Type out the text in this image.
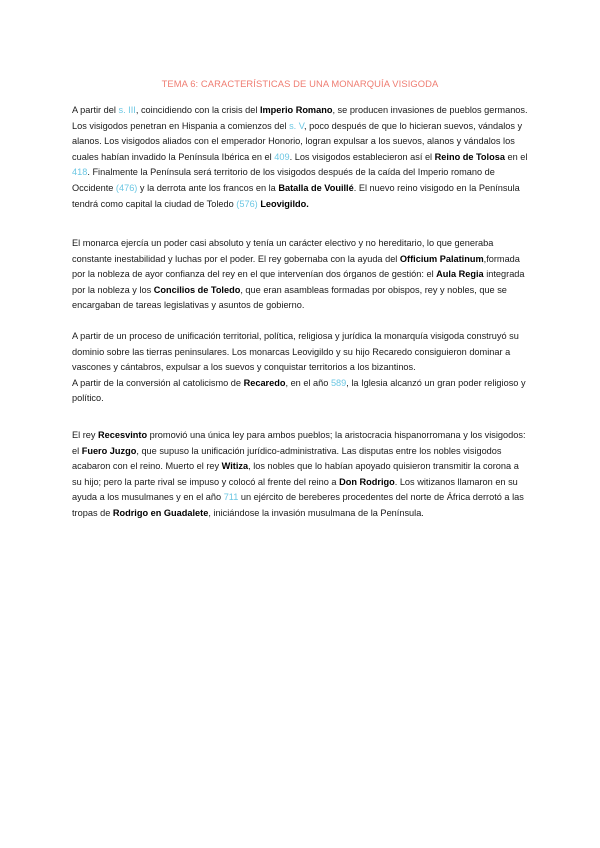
TEMA 6: CARACTERÍSTICAS DE UNA MONARQUÍA VISIGODA

A partir del s. III, coincidiendo con la crisis del Imperio Romano, se producen invasiones de pueblos germanos. Los visigodos penetran en Hispania a comienzos del s. V, poco después de que lo hicieran suevos, vándalos y alanos. Los visigodos aliados con el emperador Honorio, logran expulsar a los suevos, alanos y vándalos los cuales habían invadido la Península Ibérica en el 409. Los visigodos establecieron así el Reino de Tolosa en el 418. Finalmente la Península será territorio de los visigodos después de la caída del Imperio romano de Occidente (476) y la derrota ante los francos en la Batalla de Vouillé. El nuevo reino visigodo en la Península tendrá como capital la ciudad de Toledo (576) Leovigildo.

El monarca ejercía un poder casi absoluto y tenía un carácter electivo y no hereditario, lo que generaba constante inestabilidad y luchas por el poder. El rey gobernaba con la ayuda del Officium Palatinum,formada por la nobleza de ayor confianza del rey en el que intervenían dos órganos de gestión: el Aula Regia integrada por la nobleza y los Concilios de Toledo, que eran asambleas formadas por obispos, rey y nobles, que se encargaban de tareas legislativas y asuntos de gobierno.

A partir de un proceso de unificación territorial, política, religiosa y jurídica la monarquía visigoda construyó su dominio sobre las tierras peninsulares. Los monarcas Leovigildo y su hijo Recaredo consiguieron dominar a vascones y cántabros, expulsar a los suevos y conquistar territorios a los bizantinos.
A partir de la conversión al catolicismo de Recaredo, en el año 589, la Iglesia alcanzó un gran poder religioso y político.

El rey Recesvinto promovió una única ley para ambos pueblos; la aristocracia hispanorromana y los visigodos: el Fuero Juzgo, que supuso la unificación jurídico-administrativa. Las disputas entre los nobles visigodos acabaron con el reino. Muerto el rey Witiza, los nobles que lo habían apoyado quisieron transmitir la corona a su hijo; pero la parte rival se impuso y colocó al frente del reino a Don Rodrigo. Los witizanos llamaron en su ayuda a los musulmanes y en el año 711 un ejército de bereberes procedentes del norte de África derrotó a las tropas de Rodrigo en Guadalete, iniciándose la invasión musulmana de la Península.
